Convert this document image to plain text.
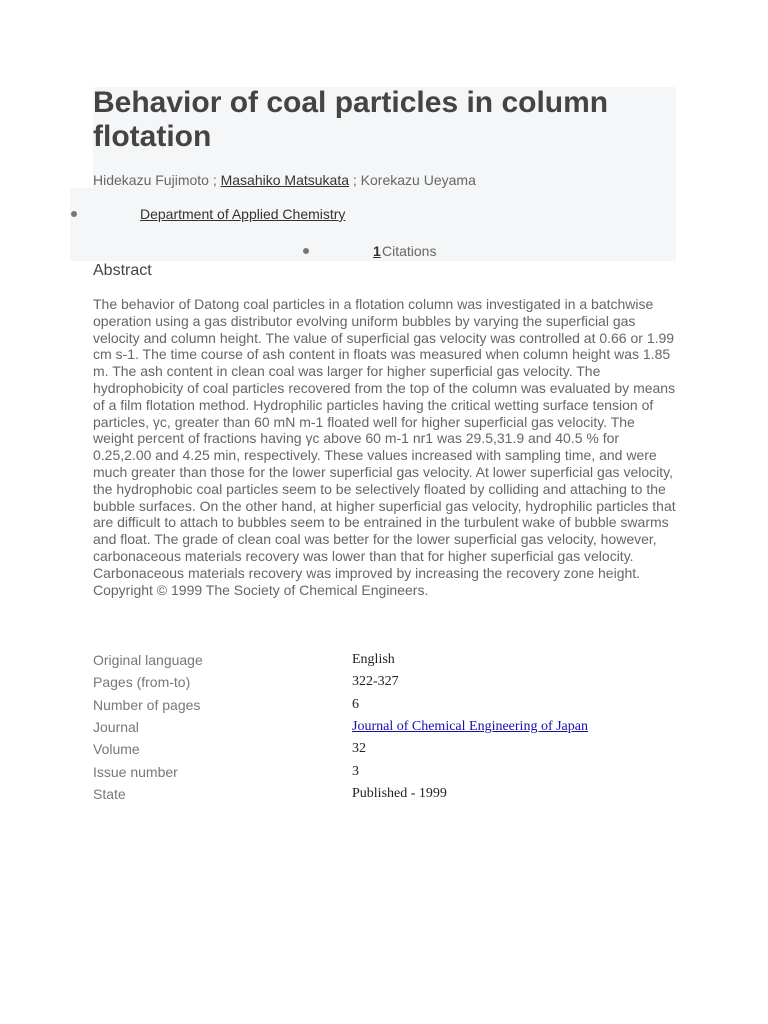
Behavior of coal particles in column flotation
Hidekazu Fujimoto ; Masahiko Matsukata ; Korekazu Ueyama
Department of Applied Chemistry
1 Citations
Abstract

The behavior of Datong coal particles in a flotation column was investigated in a batchwise operation using a gas distributor evolving uniform bubbles by varying the superficial gas velocity and column height. The value of superficial gas velocity was controlled at 0.66 or 1.99 cm s-1. The time course of ash content in floats was measured when column height was 1.85 m. The ash content in clean coal was larger for higher superficial gas velocity. The hydrophobicity of coal particles recovered from the top of the column was evaluated by means of a film flotation method. Hydrophilic particles having the critical wetting surface tension of particles, γc, greater than 60 mN m-1 floated well for higher superficial gas velocity. The weight percent of fractions having γc above 60 m-1 nr1 was 29.5,31.9 and 40.5 % for 0.25,2.00 and 4.25 min, respectively. These values increased with sampling time, and were much greater than those for the lower superficial gas velocity. At lower superficial gas velocity, the hydrophobic coal particles seem to be selectively floated by colliding and attaching to the bubble surfaces. On the other hand, at higher superficial gas velocity, hydrophilic particles that are difficult to attach to bubbles seem to be entrained in the turbulent wake of bubble swarms and float. The grade of clean coal was better for the lower superficial gas velocity, however, carbonaceous materials recovery was lower than that for higher superficial gas velocity. Carbonaceous materials recovery was improved by increasing the recovery zone height. Copyright © 1999 The Society of Chemical Engineers.

Original language	English
Pages (from-to)	322-327
Number of pages	6
Journal	Journal of Chemical Engineering of Japan
Volume	32
Issue number	3
State	Published - 1999
